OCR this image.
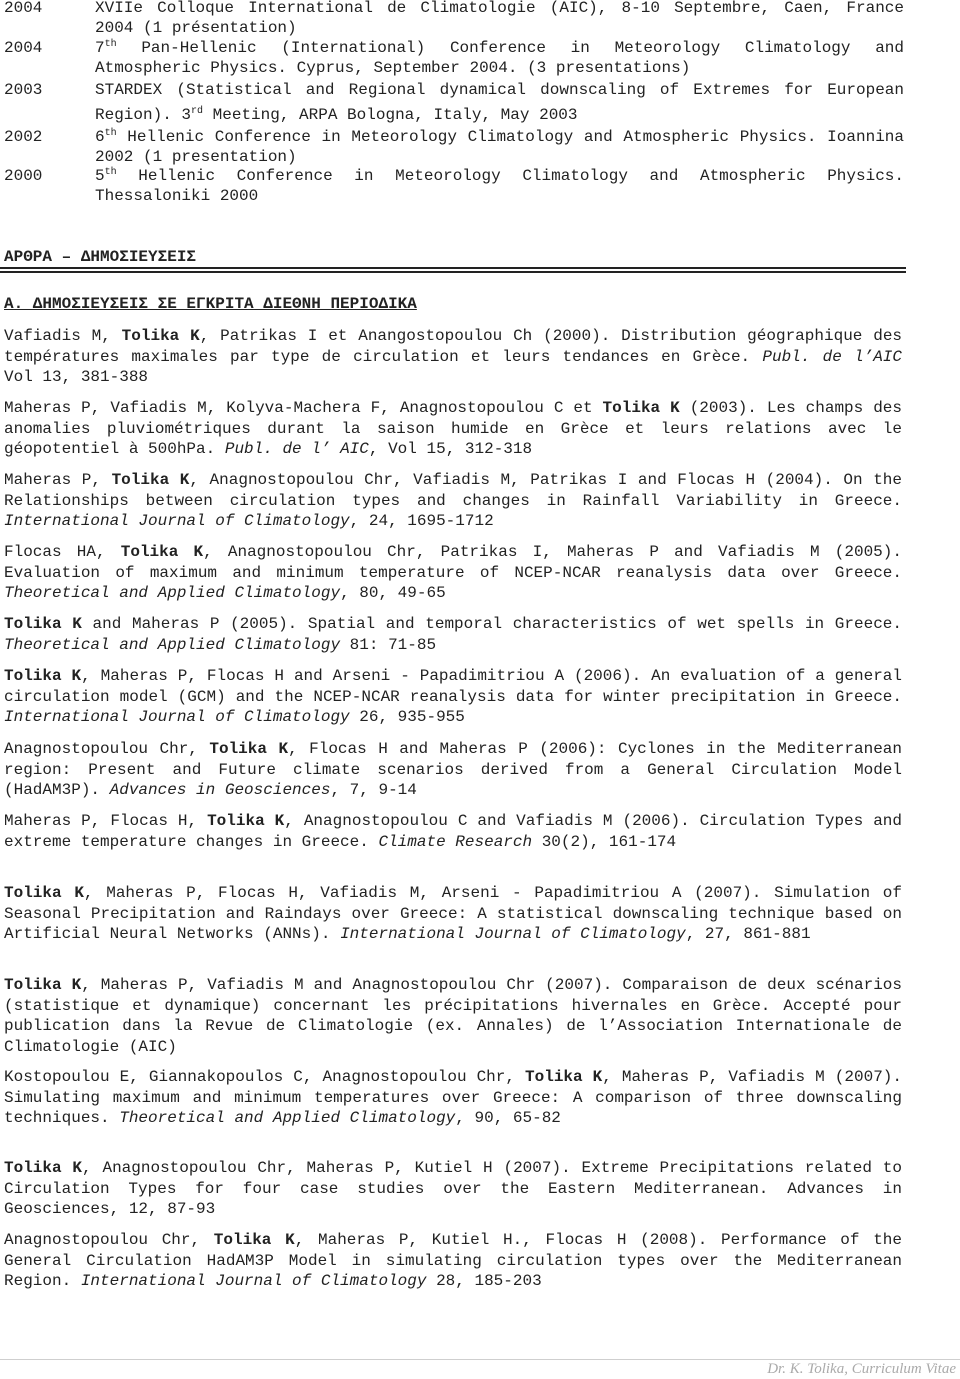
2004	XVIIe Colloque International de Climatologie (AIC), 8-10 Septembre, Caen, France 2004 (1 présentation)
2004	7th Pan-Hellenic (International) Conference in Meteorology Climatology and Atmospheric Physics. Cyprus, September 2004. (3 presentations)
2003	STARDEX (Statistical and Regional dynamical downscaling of Extremes for European Region). 3rd Meeting, ARPA Bologna, Italy, May 2003
2002	6th Hellenic Conference in Meteorology Climatology and Atmospheric Physics. Ioannina 2002 (1 presentation)
2000	5th Hellenic Conference in Meteorology Climatology and Atmospheric Physics. Thessaloniki 2000
ΑΡΘΡΑ – ΔΗΜΟΣΙΕΥΣΕΙΣ
Α. ΔΗΜΟΣΙΕΥΣΕΙΣ ΣΕ ΕΓΚΡΙΤΑ ΔΙΕΘΝΗ ΠΕΡΙΟΔΙΚΑ
Vafiadis M, Tolika K, Patrikas I et Anangostopoulou Ch (2000). Distribution géographique des températures maximales par type de circulation et leurs tendances en Grèce. Publ. de l’AIC Vol 13, 381-388
Maheras P, Vafiadis M, Kolyva-Machera F, Anagnostopoulou C et Tolika K (2003). Les champs des anomalies pluviométriques durant la saison humide en Grèce et leurs relations avec le géopotentiel à 500hPa. Publ. de l’ AIC, Vol 15, 312-318
Maheras P, Tolika K, Anagnostopoulou Chr, Vafiadis M, Patrikas I and Flocas H (2004). On the Relationships between circulation types and changes in Rainfall Variability in Greece. International Journal of Climatology, 24, 1695-1712
Flocas HA, Tolika K, Anagnostopoulou Chr, Patrikas I, Maheras P and Vafiadis M (2005). Evaluation of maximum and minimum temperature of NCEP-NCAR reanalysis data over Greece. Theoretical and Applied Climatology, 80, 49-65
Tolika K and Maheras P (2005). Spatial and temporal characteristics of wet spells in Greece. Theoretical and Applied Climatology 81: 71-85
Tolika K, Maheras P, Flocas H and Arseni - Papadimitriou A (2006). An evaluation of a general circulation model (GCM) and the NCEP-NCAR reanalysis data for winter precipitation in Greece. International Journal of Climatology 26, 935-955
Anagnostopoulou Chr, Tolika K, Flocas H and Maheras P (2006): Cyclones in the Mediterranean region: Present and Future climate scenarios derived from a General Circulation Model (HadAM3P). Advances in Geosciences, 7, 9-14
Maheras P, Flocas H, Tolika K, Anagnostopoulou C and Vafiadis M (2006). Circulation Types and extreme temperature changes in Greece. Climate Research 30(2), 161-174
Tolika K, Maheras P, Flocas H, Vafiadis M, Arseni - Papadimitriou A (2007). Simulation of Seasonal Precipitation and Raindays over Greece: A statistical downscaling technique based on Artificial Neural Networks (ANNs). International Journal of Climatology, 27, 861-881
Tolika K, Maheras P, Vafiadis M and Anagnostopoulou Chr (2007). Comparaison de deux scénarios (statistique et dynamique) concernant les précipitations hivernales en Grèce. Accepté pour publication dans la Revue de Climatologie (ex. Annales) de l’Association Internationale de Climatologie (AIC)
Kostopoulou E, Giannakopoulos C, Anagnostopoulou Chr, Tolika K, Maheras P, Vafiadis M (2007). Simulating maximum and minimum temperatures over Greece: A comparison of three downscaling techniques. Theoretical and Applied Climatology, 90, 65-82
Tolika K, Anagnostopoulou Chr, Maheras P, Kutiel H (2007). Extreme Precipitations related to Circulation Types for four case studies over the Eastern Mediterranean. Advances in Geosciences, 12, 87-93
Anagnostopoulou Chr, Tolika K, Maheras P, Kutiel H., Flocas H (2008). Performance of the General Circulation HadAM3P Model in simulating circulation types over the Mediterranean Region. International Journal of Climatology 28, 185-203
Dr. K. Tolika, Curriculum Vitae
